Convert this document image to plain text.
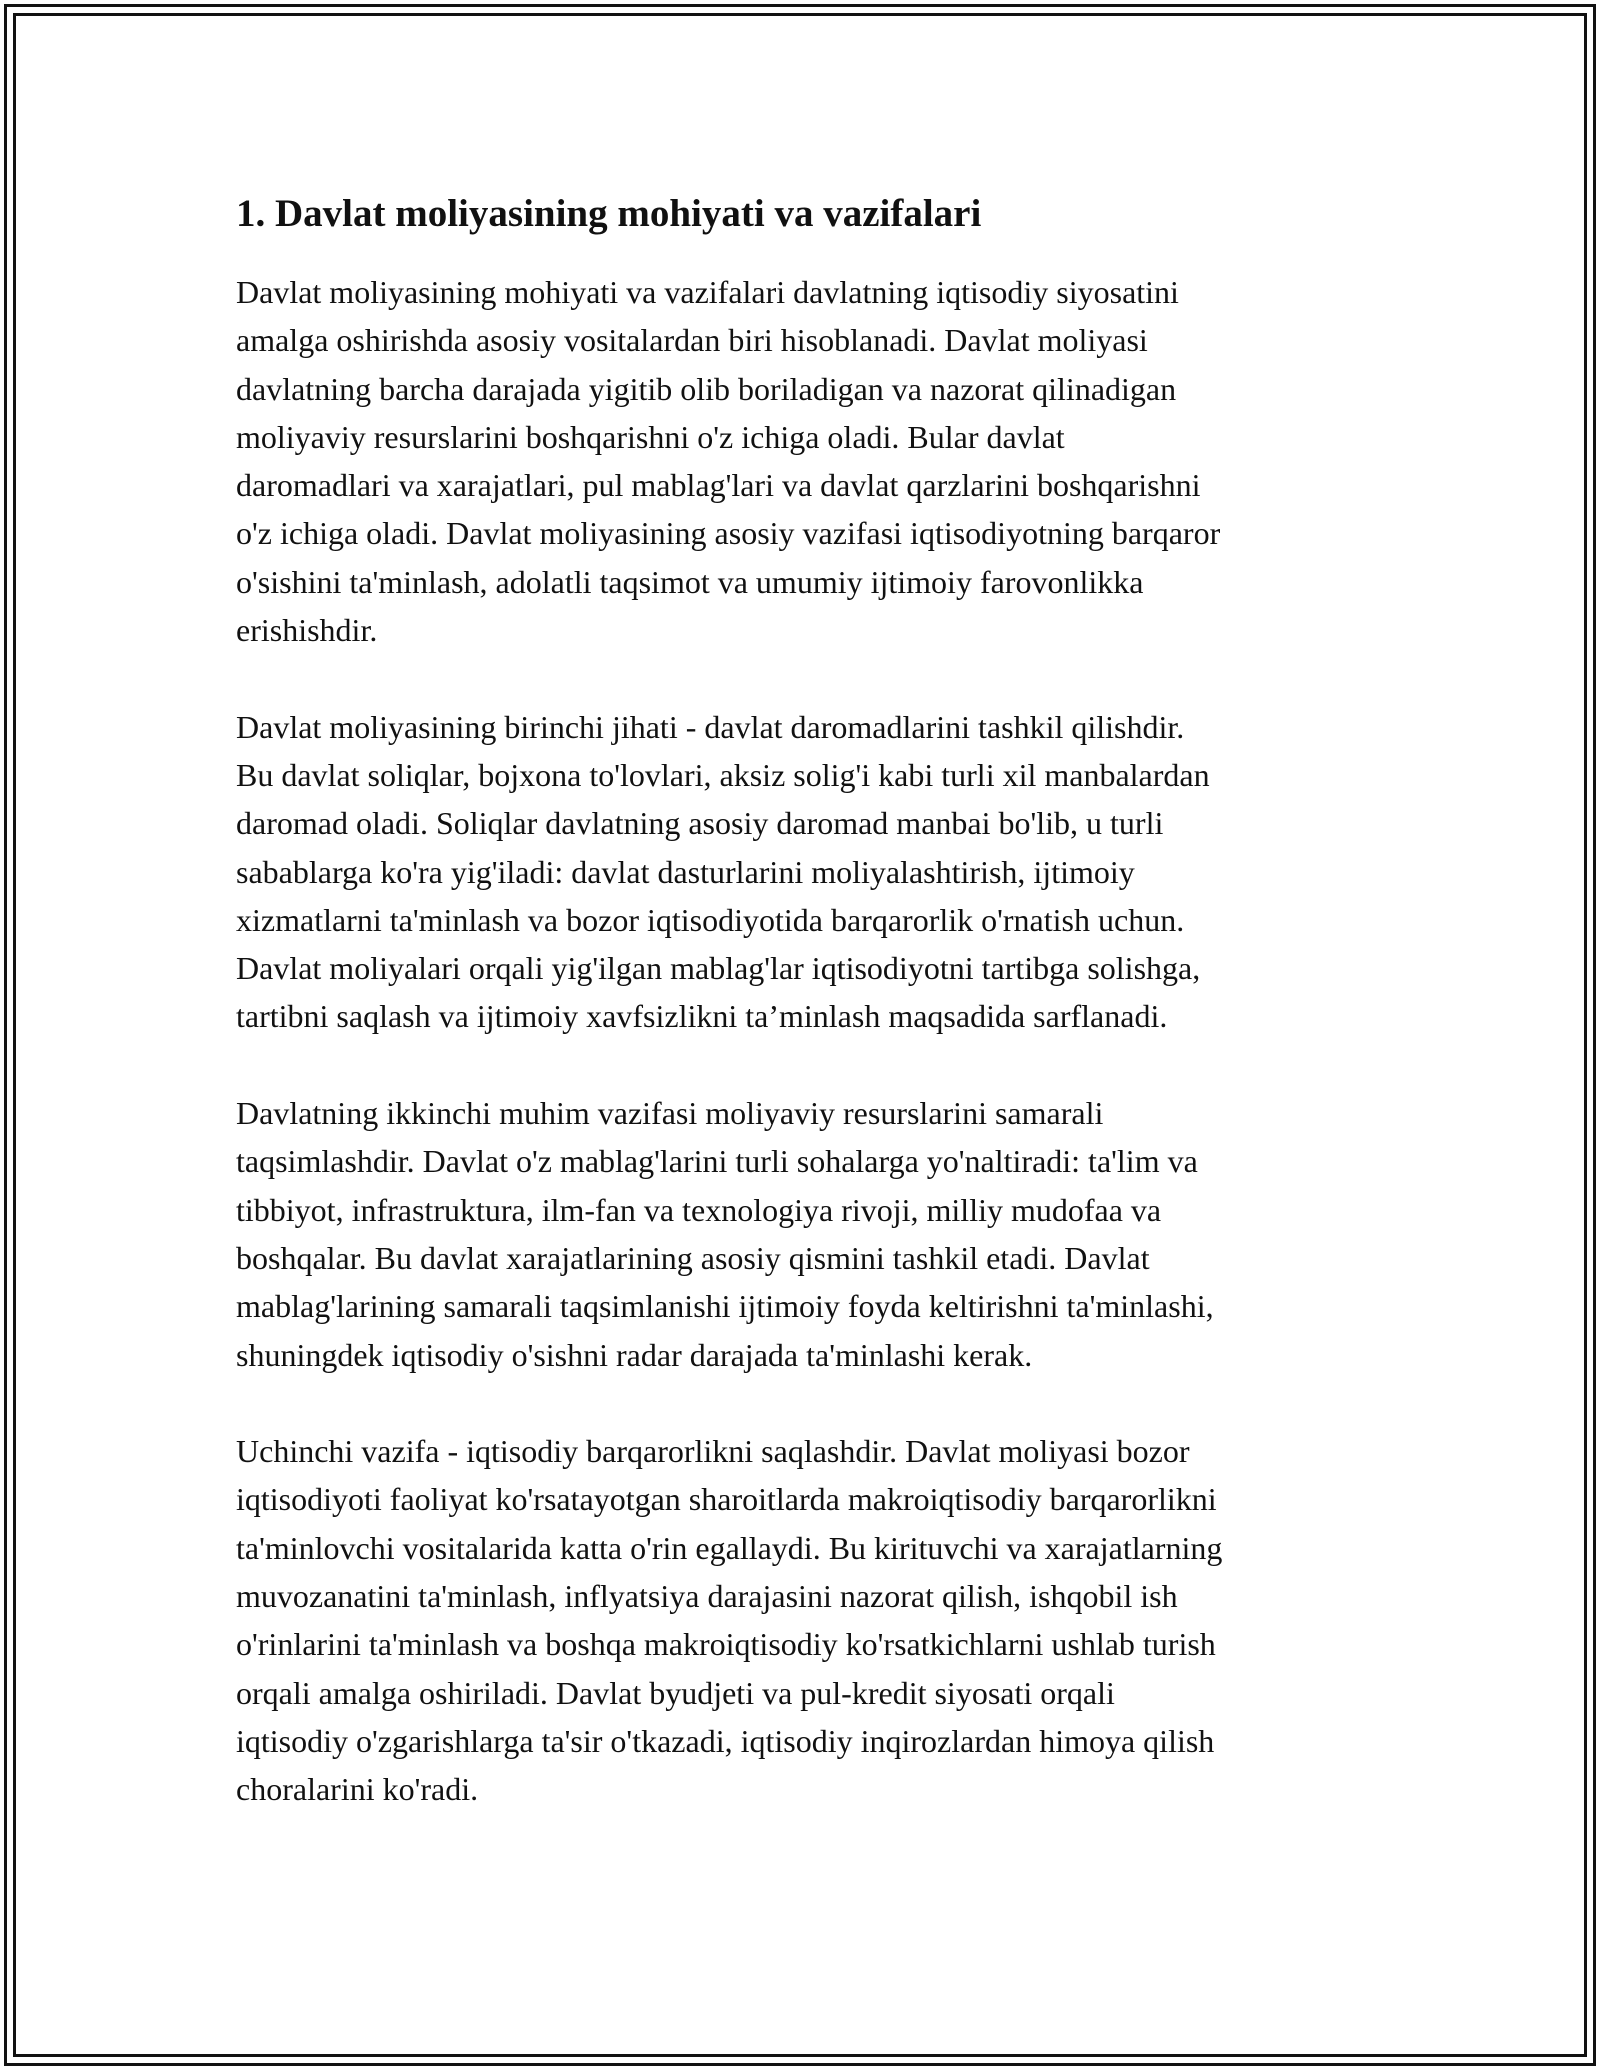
1. Davlat moliyasining mohiyati va vazifalari

Davlat moliyasining mohiyati va vazifalari davlatning iqtisodiy siyosatini
amalga oshirishda asosiy vositalardan biri hisoblanadi. Davlat moliyasi
davlatning barcha darajada yigitib olib boriladigan va nazorat qilinadigan
moliyaviy resurslarini boshqarishni o'z ichiga oladi. Bular davlat
daromadlari va xarajatlari, pul mablag'lari va davlat qarzlarini boshqarishni
o'z ichiga oladi. Davlat moliyasining asosiy vazifasi iqtisodiyotning barqaror
o'sishini ta'minlash, adolatli taqsimot va umumiy ijtimoiy farovonlikka
erishishdir.

Davlat moliyasining birinchi jihati - davlat daromadlarini tashkil qilishdir.
Bu davlat soliqlar, bojxona to'lovlari, aksiz solig'i kabi turli xil manbalardan
daromad oladi. Soliqlar davlatning asosiy daromad manbai bo'lib, u turli
sabablarga ko'ra yig'iladi: davlat dasturlarini moliyalashtirish, ijtimoiy
xizmatlarni ta'minlash va bozor iqtisodiyotida barqarorlik o'rnatish uchun.
Davlat moliyalari orqali yig'ilgan mablag'lar iqtisodiyotni tartibga solishga,
tartibni saqlash va ijtimoiy xavfsizlikni ta’minlash maqsadida sarflanadi.

Davlatning ikkinchi muhim vazifasi moliyaviy resurslarini samarali
taqsimlashdir. Davlat o'z mablag'larini turli sohalarga yo'naltiradi: ta'lim va
tibbiyot, infrastruktura, ilm-fan va texnologiya rivoji, milliy mudofaa va
boshqalar. Bu davlat xarajatlarining asosiy qismini tashkil etadi. Davlat
mablag'larining samarali taqsimlanishi ijtimoiy foyda keltirishni ta'minlashi,
shuningdek iqtisodiy o'sishni radar darajada ta'minlashi kerak.

Uchinchi vazifa - iqtisodiy barqarorlikni saqlashdir. Davlat moliyasi bozor
iqtisodiyoti faoliyat ko'rsatayotgan sharoitlarda makroiqtisodiy barqarorlikni
ta'minlovchi vositalarida katta o'rin egallaydi. Bu kirituvchi va xarajatlarning
muvozanatini ta'minlash, inflyatsiya darajasini nazorat qilish, ishqobil ish
o'rinlarini ta'minlash va boshqa makroiqtisodiy ko'rsatkichlarni ushlab turish
orqali amalga oshiriladi. Davlat byudjeti va pul-kredit siyosati orqali
iqtisodiy o'zgarishlarga ta'sir o'tkazadi, iqtisodiy inqirozlardan himoya qilish
choralarini ko'radi.
